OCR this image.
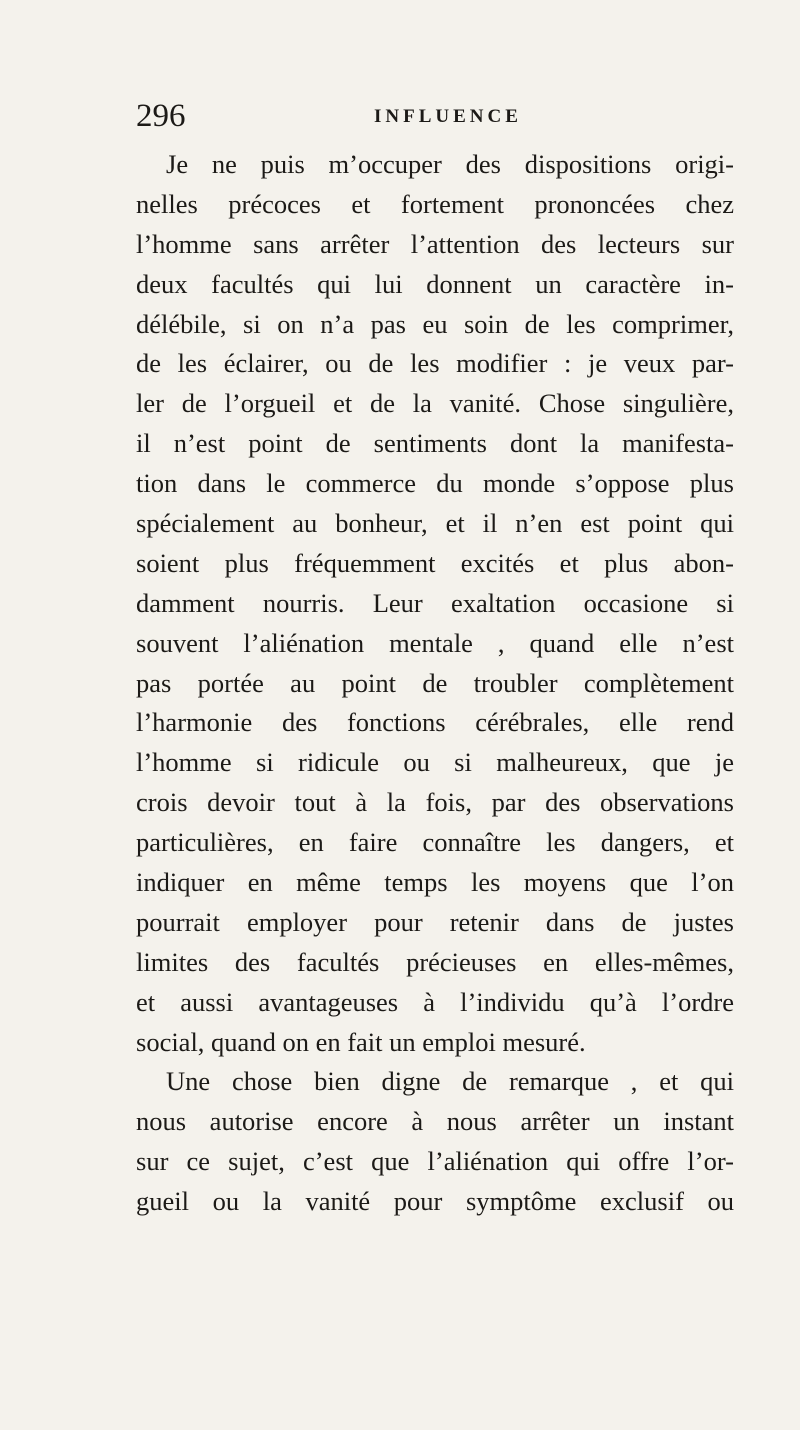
296	INFLUENCE
Je ne puis m’occuper des dispositions origi-
nelles précoces et fortement prononcées chez
l’homme sans arrêter l’attention des lecteurs sur
deux facultés qui lui donnent un caractère in-
délébile, si on n’a pas eu soin de les comprimer,
de les éclairer, ou de les modifier : je veux par-
ler de l’orgueil et de la vanité. Chose singulière,
il n’est point de sentiments dont la manifesta-
tion dans le commerce du monde s’oppose plus
spécialement au bonheur, et il n’en est point qui
soient plus fréquemment excités et plus abon-
damment nourris. Leur exaltation occasione si
souvent l’aliénation mentale , quand elle n’est
pas portée au point de troubler complètement
l’harmonie des fonctions cérébrales, elle rend
l’homme si ridicule ou si malheureux, que je
crois devoir tout à la fois, par des observations
particulières, en faire connaître les dangers, et
indiquer en même temps les moyens que l’on
pourrait employer pour retenir dans de justes
limites des facultés précieuses en elles-mêmes,
et aussi avantageuses à l’individu qu’à l’ordre
social, quand on en fait un emploi mesuré.
Une chose bien digne de remarque , et qui
nous autorise encore à nous arrêter un instant
sur ce sujet, c’est que l’aliénation qui offre l’or-
gueil ou la vanité pour symptôme exclusif ou
